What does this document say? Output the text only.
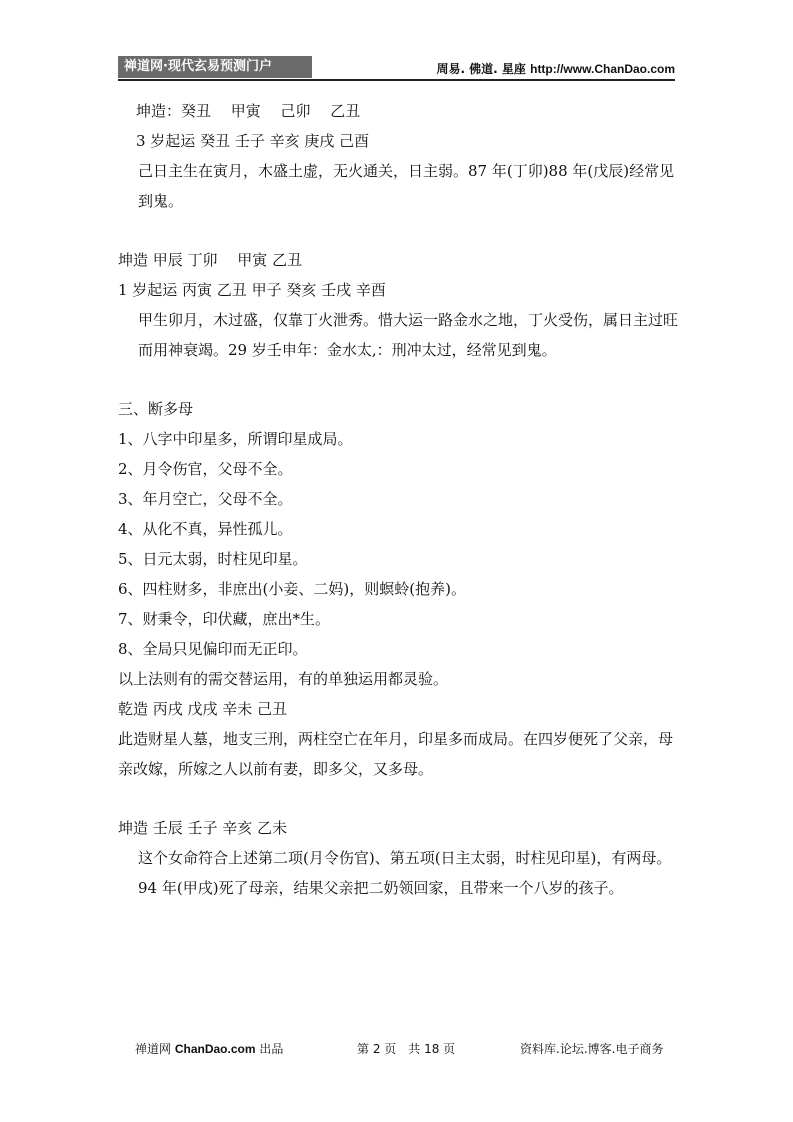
禅道网·现代玄易预测门户	周易. 佛道. 星座 http://www.ChanDao.com
坤造：癸丑　 甲寅　 己卯　 乙丑
3 岁起运 癸丑 壬子 辛亥 庚戌 己酉
己日主生在寅月，木盛土虚，无火通关，日主弱。87 年(丁卯)88 年(戊辰)经常见到鬼。
坤造 甲辰 丁卯　 甲寅 乙丑
1 岁起运 丙寅 乙丑 甲子 癸亥 壬戌 辛酉
甲生卯月，木过盛，仅靠丁火泄秀。惜大运一路金水之地，丁火受伤，属日主过旺而用神衰竭。29 岁壬申年：金水太,：刑冲太过，经常见到鬼。
三、断多母
1、八字中印星多，所谓印星成局。
2、月令伤官，父母不全。
3、年月空亡，父母不全。
4、从化不真，异性孤儿。
5、日元太弱，时柱见印星。
6、四柱财多，非庶出(小妾、二妈)，则螟蛉(抱养)。
7、财秉令，印伏藏，庶出*生。
8、全局只见偏印而无正印。
以上法则有的需交替运用，有的单独运用都灵验。
乾造 丙戌 戊戌 辛未 己丑
此造财星人墓，地支三刑，两柱空亡在年月，印星多而成局。在四岁便死了父亲，母亲改嫁，所嫁之人以前有妻，即多父，又多母。
坤造 壬辰 壬子 辛亥 乙未
这个女命符合上述第二项(月令伤官)、第五项(日主太弱，时柱见印星)，有两母。94 年(甲戌)死了母亲，结果父亲把二奶领回家，且带来一个八岁的孩子。
禅道网 ChanDao.com 出品	第 2 页　共 18 页	资料库.论坛.博客.电子商务
